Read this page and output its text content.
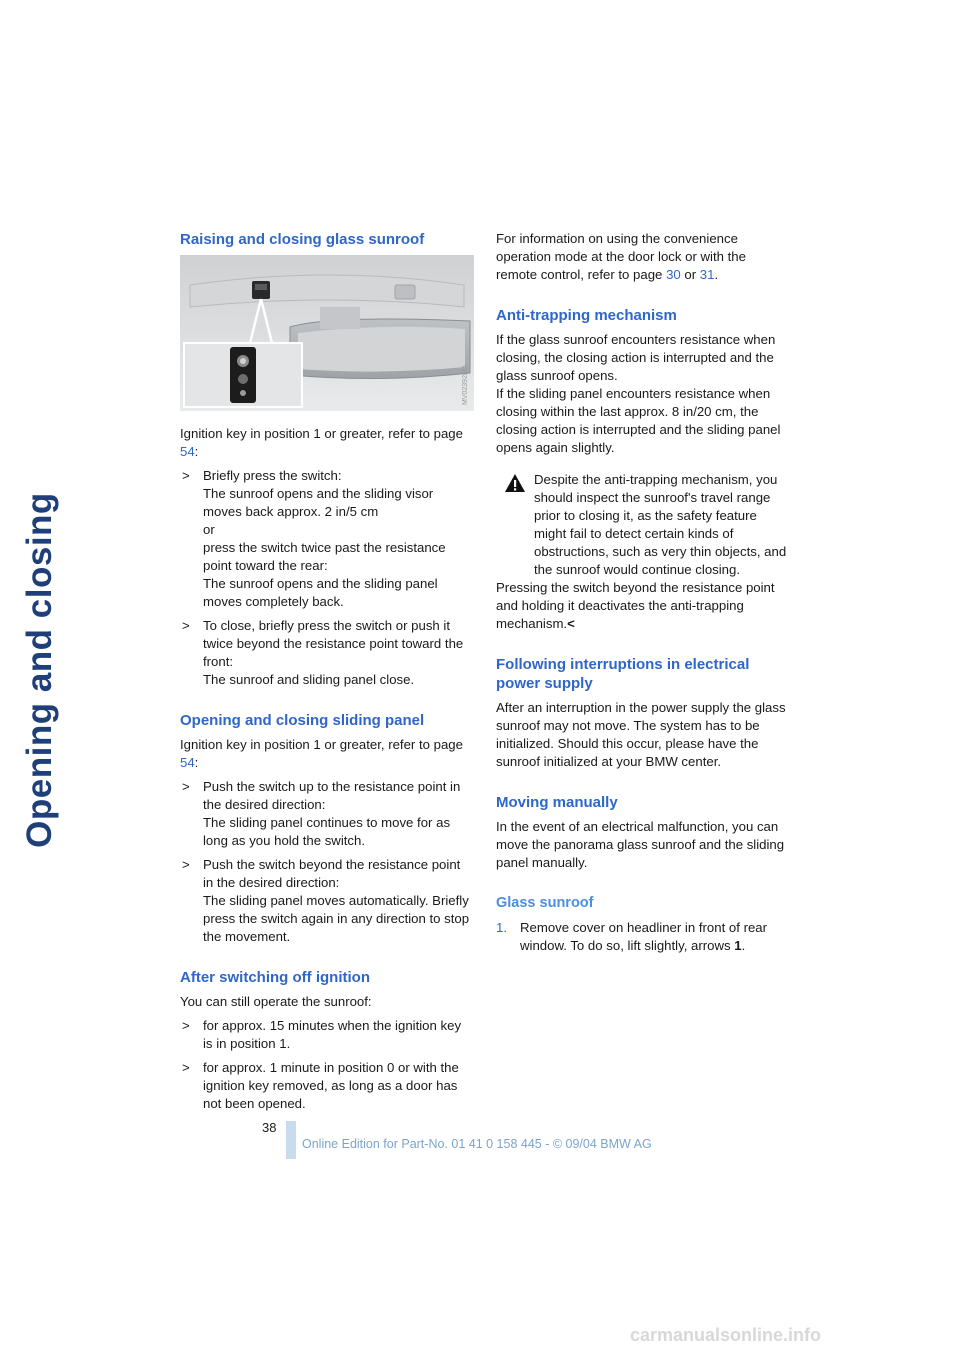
Opening and closing
Raising and closing glass sunroof
MV02392MA

Ignition key in position 1 or greater, refer to page 54:

> Briefly press the switch:
The sunroof opens and the sliding visor moves back approx. 2 in/5 cm
or
press the switch twice past the resistance point toward the rear:
The sunroof opens and the sliding panel moves completely back.
> To close, briefly press the switch or push it twice beyond the resistance point toward the front:
The sunroof and sliding panel close.
Opening and closing sliding panel

Ignition key in position 1 or greater, refer to page 54:

> Push the switch up to the resistance point in the desired direction:
The sliding panel continues to move for as long as you hold the switch.
> Push the switch beyond the resistance point in the desired direction:
The sliding panel moves automatically. Briefly press the switch again in any direction to stop the movement.
After switching off ignition

You can still operate the sunroof:

> for approx. 15 minutes when the ignition key is in position 1.
> for approx. 1 minute in position 0 or with the ignition key removed, as long as a door has not been opened.

For information on using the convenience operation mode at the door lock or with the remote control, refer to page 30 or 31.

Anti-trapping mechanism

If the glass sunroof encounters resistance when closing, the closing action is interrupted and the glass sunroof opens.

If the sliding panel encounters resistance when closing within the last approx. 8 in/20 cm, the closing action is interrupted and the sliding panel opens again slightly.

Despite the anti-trapping mechanism, you should inspect the sunroof's travel range prior to closing it, as the safety feature might fail to detect certain kinds of obstructions, such as very thin objects, and the sunroof would continue closing.

Pressing the switch beyond the resistance point and holding it deactivates the anti-trapping mechanism.<

Following interruptions in electrical power supply

After an interruption in the power supply the glass sunroof may not move. The system has to be initialized. Should this occur, please have the sunroof initialized at your BMW center.

Moving manually

In the event of an electrical malfunction, you can move the panorama glass sunroof and the sliding panel manually.

Glass sunroof
1. Remove cover on headliner in front of rear window. To do so, lift slightly, arrows 1.
38
Online Edition for Part-No. 01 41 0 158 445 - © 09/04 BMW AG
carmanualsonline.info
